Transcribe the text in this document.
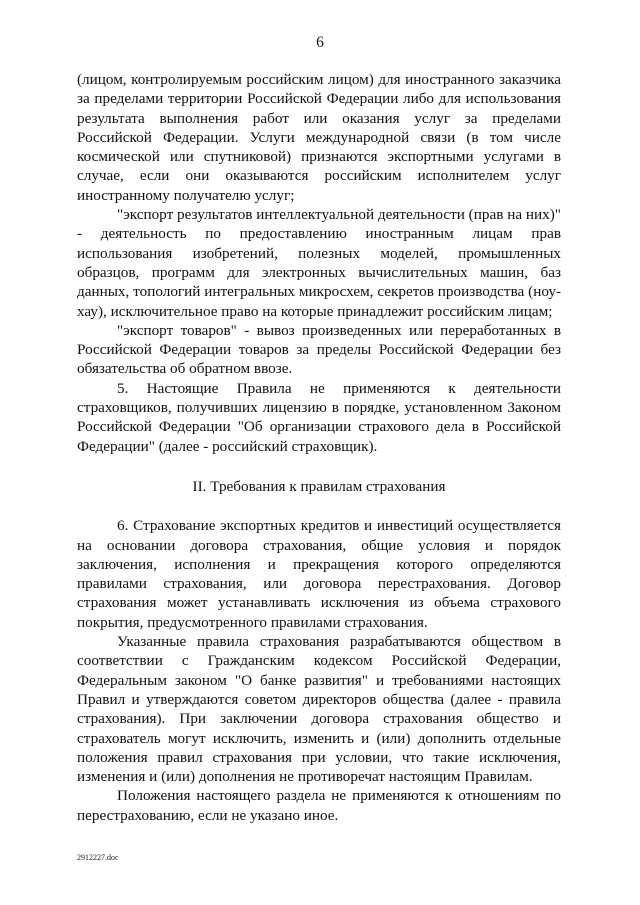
6

(лицом, контролируемым российским лицом) для иностранного заказчика за пределами территории Российской Федерации либо для использования результата выполнения работ или оказания услуг за пределами Российской Федерации. Услуги международной связи (в том числе космической или спутниковой) признаются экспортными услугами в случае, если они оказываются российским исполнителем услуг иностранному получателю услуг;

"экспорт результатов интеллектуальной деятельности (прав на них)" - деятельность по предоставлению иностранным лицам прав использования изобретений, полезных моделей, промышленных образцов, программ для электронных вычислительных машин, баз данных, топологий интегральных микросхем, секретов производства (ноу-хау), исключительное право на которые принадлежит российским лицам;

"экспорт товаров" - вывоз произведенных или переработанных в Российской Федерации товаров за пределы Российской Федерации без обязательства об обратном ввозе.

5. Настоящие Правила не применяются к деятельности страховщиков, получивших лицензию в порядке, установленном Законом Российской Федерации "Об организации страхового дела в Российской Федерации" (далее - российский страховщик).

II. Требования к правилам страхования

6. Страхование экспортных кредитов и инвестиций осуществляется на основании договора страхования, общие условия и порядок заключения, исполнения и прекращения которого определяются правилами страхования, или договора перестрахования. Договор страхования может устанавливать исключения из объема страхового покрытия, предусмотренного правилами страхования.

Указанные правила страхования разрабатываются обществом в соответствии с Гражданским кодексом Российской Федерации, Федеральным законом "О банке развития" и требованиями настоящих Правил и утверждаются советом директоров общества (далее - правила страхования). При заключении договора страхования общество и страхователь могут исключить, изменить и (или) дополнить отдельные положения правил страхования при условии, что такие исключения, изменения и (или) дополнения не противоречат настоящим Правилам.

Положения настоящего раздела не применяются к отношениям по перестрахованию, если не указано иное.

2912227.doc
